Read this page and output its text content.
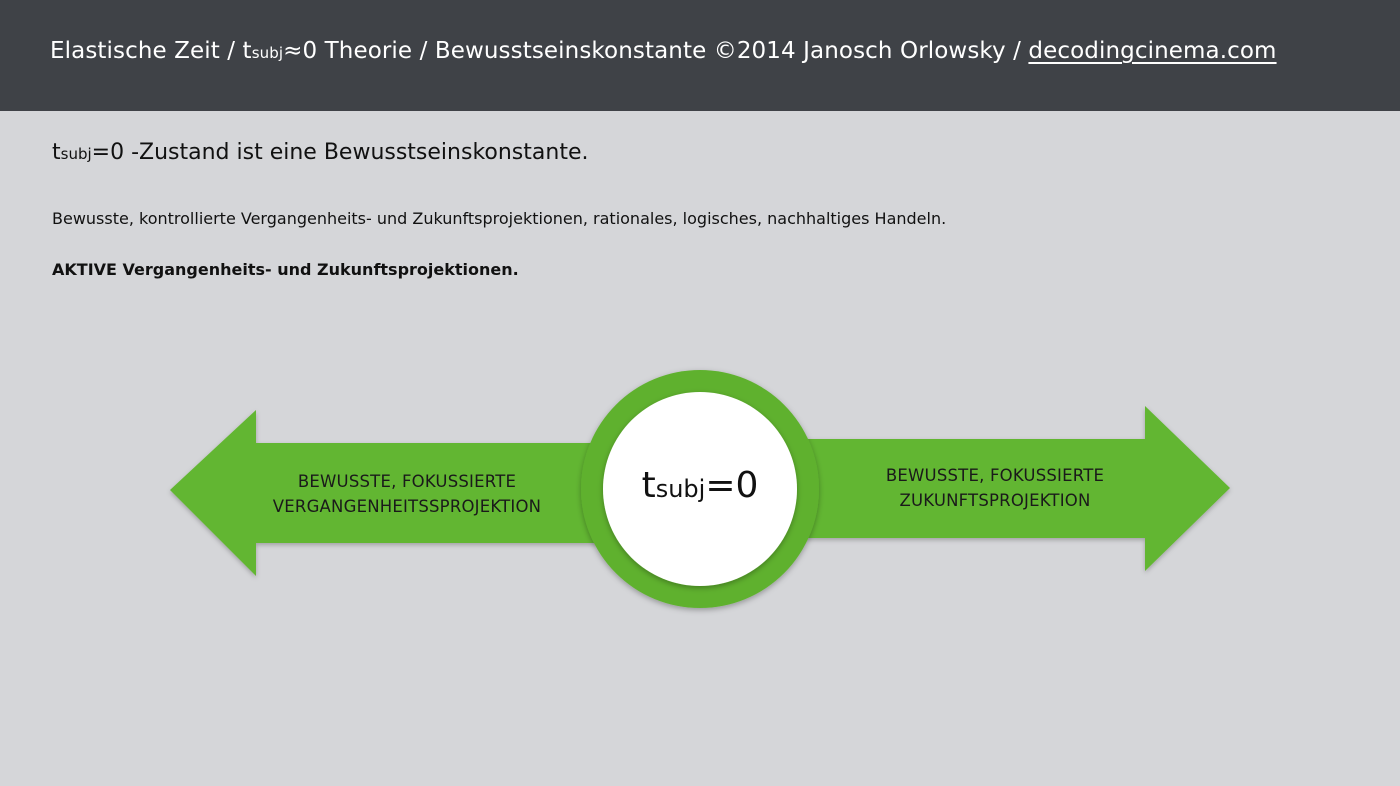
Elastische Zeit / tsubj≈0 Theorie / Bewusstseinskonstante ©2014 Janosch Orlowsky / decodingcinema.com
tsubj=0 -Zustand ist eine Bewusstseinskonstante.
Bewusste, kontrollierte Vergangenheits- und Zukunftsprojektionen, rationales, logisches, nachhaltiges Handeln.
AKTIVE Vergangenheits- und Zukunftsprojektionen.
BEWUSSTE, FOKUSSIERTE
VERGANGENHEITSSPROJEKTION
BEWUSSTE, FOKUSSIERTE
ZUKUNFTSPROJEKTION
tsubj=0
